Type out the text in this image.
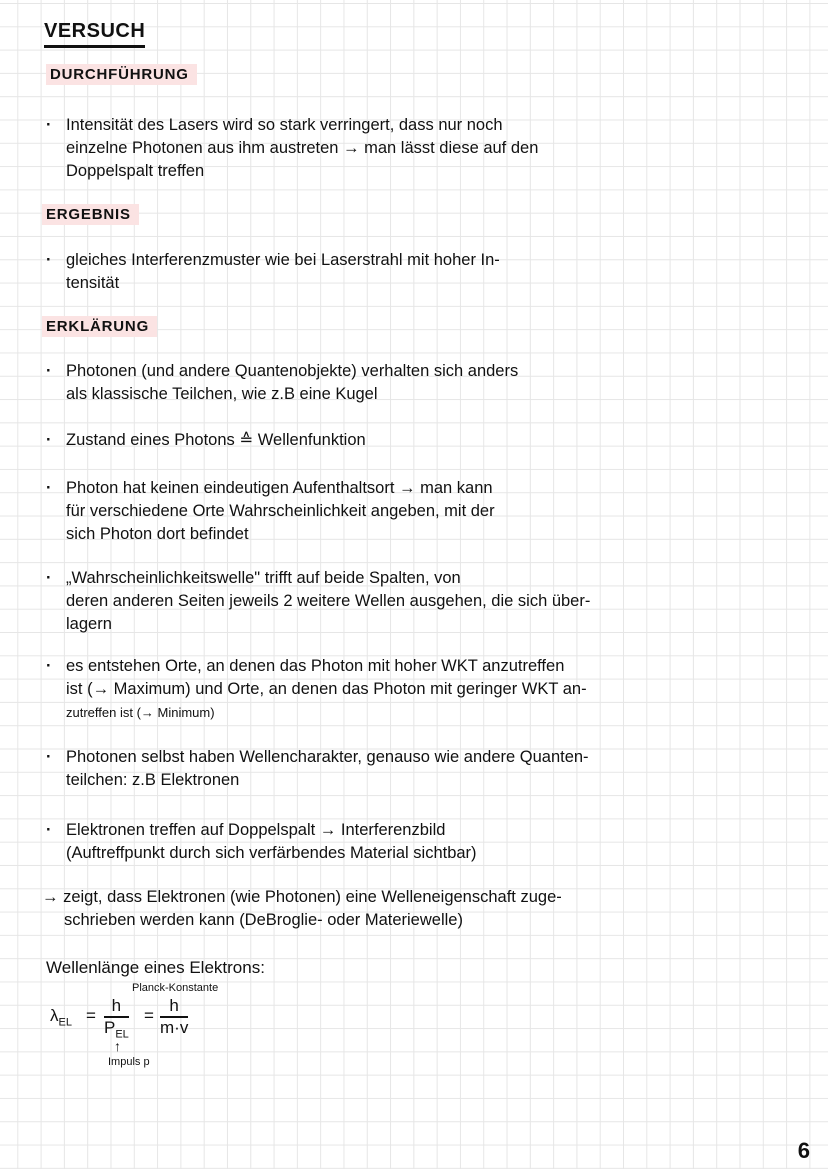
VERSUCH
DURCHFÜHRUNG
· Intensität des Lasers wird so stark verringert, dass nur noch
einzelne Photonen aus ihm austreten → man lässt diese auf den
Doppelspalt treffen
ERGEBNIS
· gleiches Interferenzmuster wie bei Laserstrahl mit hoher In-
tensität
ERKLÄRUNG
· Photonen (und andere Quantenobjekte) verhalten sich anders
als klassische Teilchen, wie z.B eine Kugel
· Zustand eines Photons ≙ Wellenfunktion
· Photon hat keinen eindeutigen Aufenthaltsort → man kann
für verschiedene Orte Wahrscheinlichkeit angeben, mit der
sich Photon dort befindet
· „Wahrscheinlichkeitswelle" trifft auf beide Spalten, von
deren anderen Seiten jeweils 2 weitere Wellen ausgehen, die sich über-
lagern
· es entstehen Orte, an denen das Photon mit hoher WKT anzutreffen
ist (→ Maximum) und Orte, an denen das Photon mit geringer WKT an-
zutreffen ist (→ Minimum)
· Photonen selbst haben Wellencharakter, genauso wie andere Quanten-
teilchen: z.B Elektronen
· Elektronen treffen auf Doppelspalt → Interferenzbild
(Auftreffpunkt durch sich verfärbendes Material sichtbar)
→ zeigt, dass Elektronen (wie Photonen) eine Welleneigenschaft zuge-
schrieben werden kann (DeBroglie- oder Materiewelle)
Wellenlänge eines Elektrons:
$\lambda_{EL}$ =
h
$P_{EL}$
Planck-Konstante
= $\frac{h}{m\cdot v}$
↑
Impuls p
6
